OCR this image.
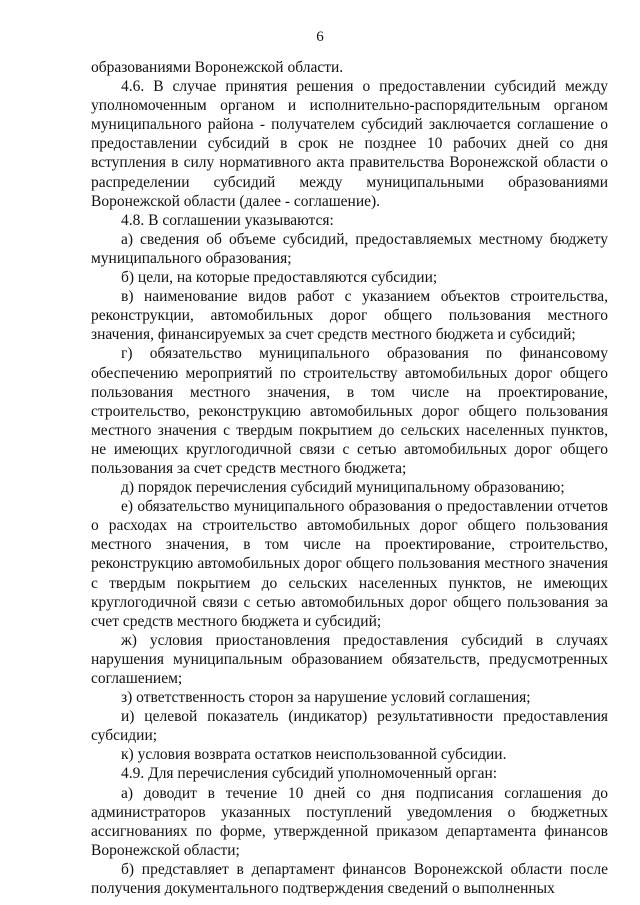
6

образованиями Воронежской области.

4.6. В случае принятия решения о предоставлении субсидий между уполномоченным органом и исполнительно-распорядительным органом муниципального района - получателем субсидий заключается соглашение о предоставлении субсидий в срок не позднее 10 рабочих дней со дня вступления в силу нормативного акта правительства Воронежской области о распределении субсидий между муниципальными образованиями Воронежской области (далее - соглашение).

4.8. В соглашении указываются:

а) сведения об объеме субсидий, предоставляемых местному бюджету муниципального образования;

б) цели, на которые предоставляются субсидии;

в) наименование видов работ с указанием объектов строительства, реконструкции, автомобильных дорог общего пользования местного значения, финансируемых за счет средств местного бюджета и субсидий;

г) обязательство муниципального образования по финансовому обеспечению мероприятий по строительству автомобильных дорог общего пользования местного значения, в том числе на проектирование, строительство, реконструкцию автомобильных дорог общего пользования местного значения с твердым покрытием до сельских населенных пунктов, не имеющих круглогодичной связи с сетью автомобильных дорог общего пользования за счет средств местного бюджета;

д) порядок перечисления субсидий муниципальному образованию;

е) обязательство муниципального образования о предоставлении отчетов о расходах на строительство автомобильных дорог общего пользования местного значения, в том числе на проектирование, строительство, реконструкцию автомобильных дорог общего пользования местного значения с твердым покрытием до сельских населенных пунктов, не имеющих круглогодичной связи с сетью автомобильных дорог общего пользования за счет средств местного бюджета и субсидий;

ж) условия приостановления предоставления субсидий в случаях нарушения муниципальным образованием обязательств, предусмотренных соглашением;

з) ответственность сторон за нарушение условий соглашения;

и) целевой показатель (индикатор) результативности предоставления субсидии;

к) условия возврата остатков неиспользованной субсидии.

4.9. Для перечисления субсидий уполномоченный орган:

а) доводит в течение 10 дней со дня подписания соглашения до администраторов указанных поступлений уведомления о бюджетных ассигнованиях по форме, утвержденной приказом департамента финансов Воронежской области;

б) представляет в департамент финансов Воронежской области после получения документального подтверждения сведений о выполненных
